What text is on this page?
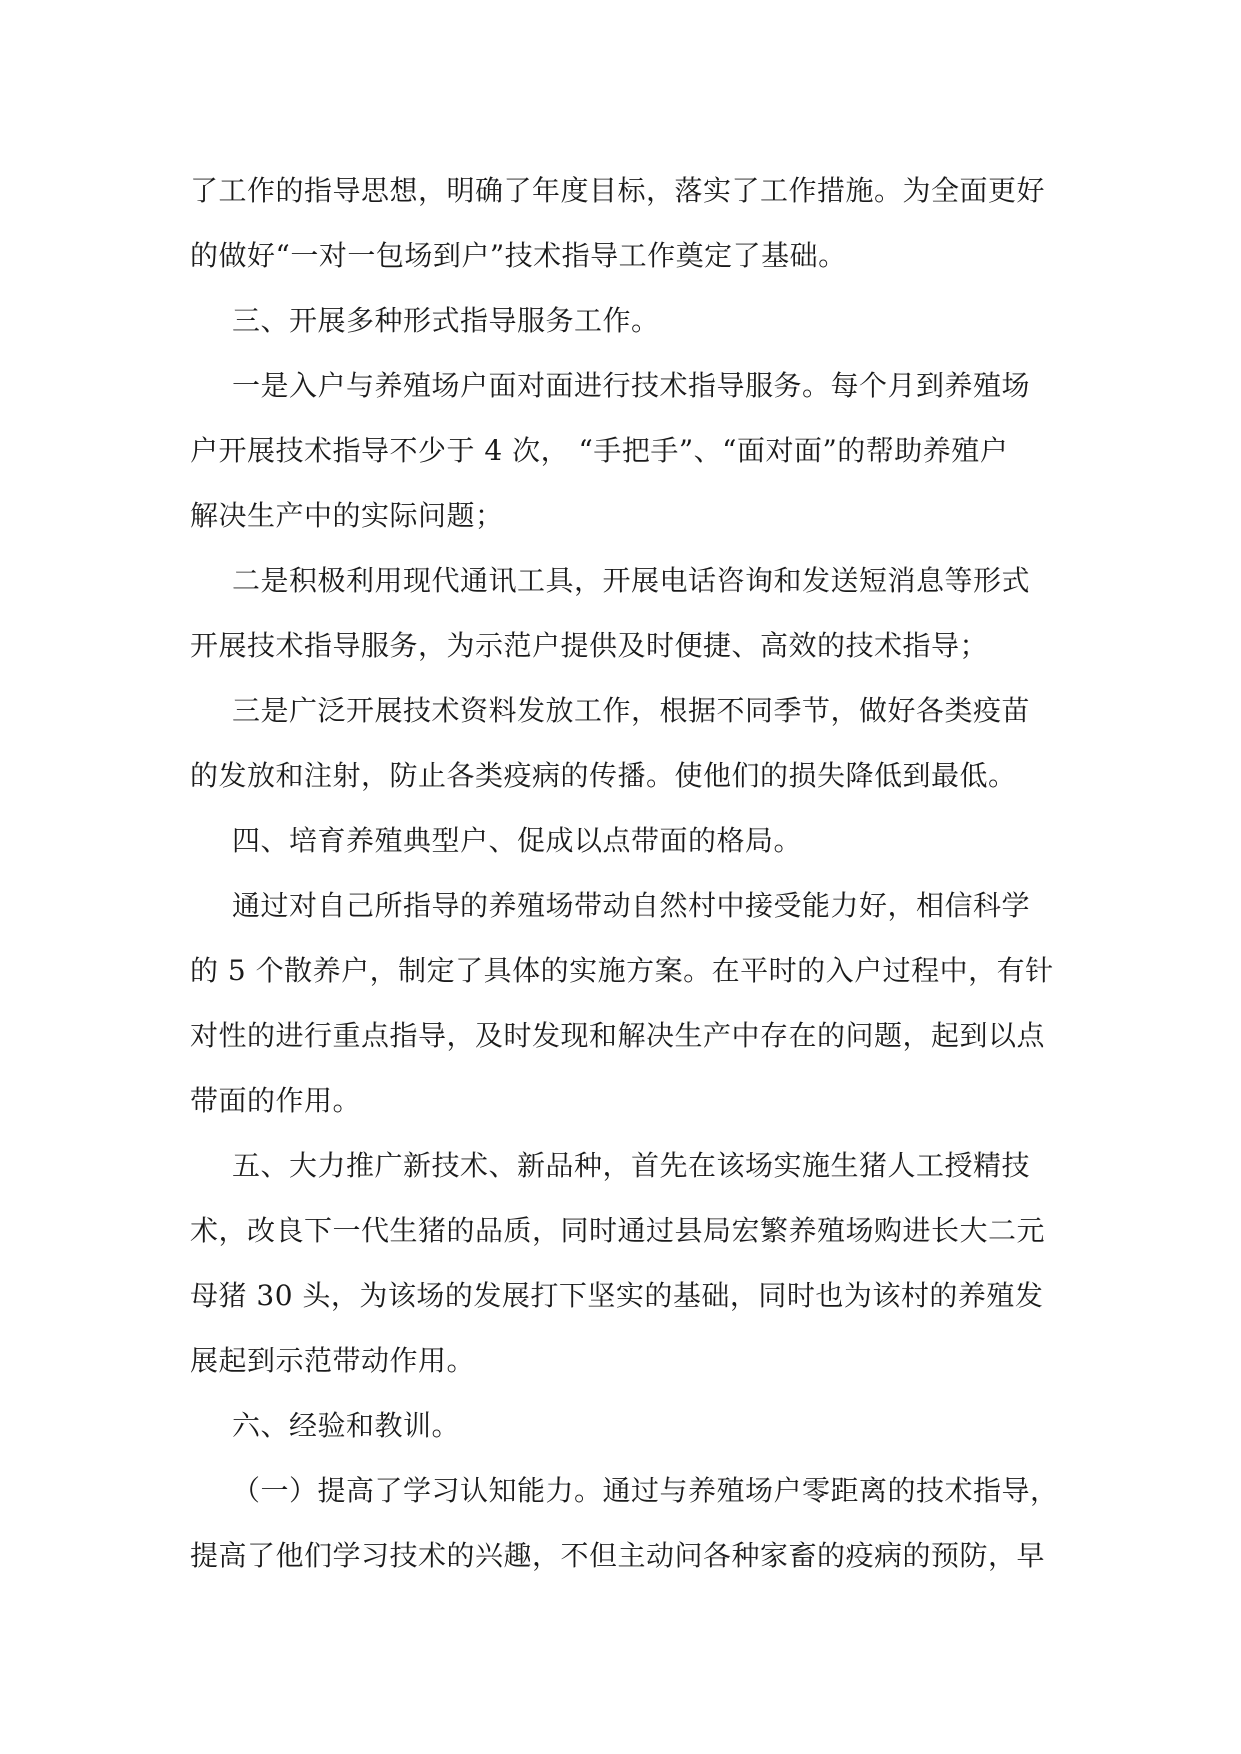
了工作的指导思想，明确了年度目标，落实了工作措施。为全面更好
的做好“一对一包场到户”技术指导工作奠定了基础。
三、开展多种形式指导服务工作。
一是入户与养殖场户面对面进行技术指导服务。每个月到养殖场
户开展技术指导不少于 4 次， “手把手”、“面对面”的帮助养殖户
解决生产中的实际问题；
二是积极利用现代通讯工具，开展电话咨询和发送短消息等形式
开展技术指导服务，为示范户提供及时便捷、高效的技术指导；
三是广泛开展技术资料发放工作，根据不同季节，做好各类疫苗
的发放和注射，防止各类疫病的传播。使他们的损失降低到最低。
四、培育养殖典型户、促成以点带面的格局。
通过对自己所指导的养殖场带动自然村中接受能力好，相信科学
的 5 个散养户，制定了具体的实施方案。在平时的入户过程中，有针
对性的进行重点指导，及时发现和解决生产中存在的问题，起到以点
带面的作用。
五、大力推广新技术、新品种，首先在该场实施生猪人工授精技
术，改良下一代生猪的品质，同时通过县局宏繁养殖场购进长大二元
母猪 30 头，为该场的发展打下坚实的基础，同时也为该村的养殖发
展起到示范带动作用。
六、经验和教训。
（一）提高了学习认知能力。通过与养殖场户零距离的技术指导，
提高了他们学习技术的兴趣，不但主动问各种家畜的疫病的预防，早
